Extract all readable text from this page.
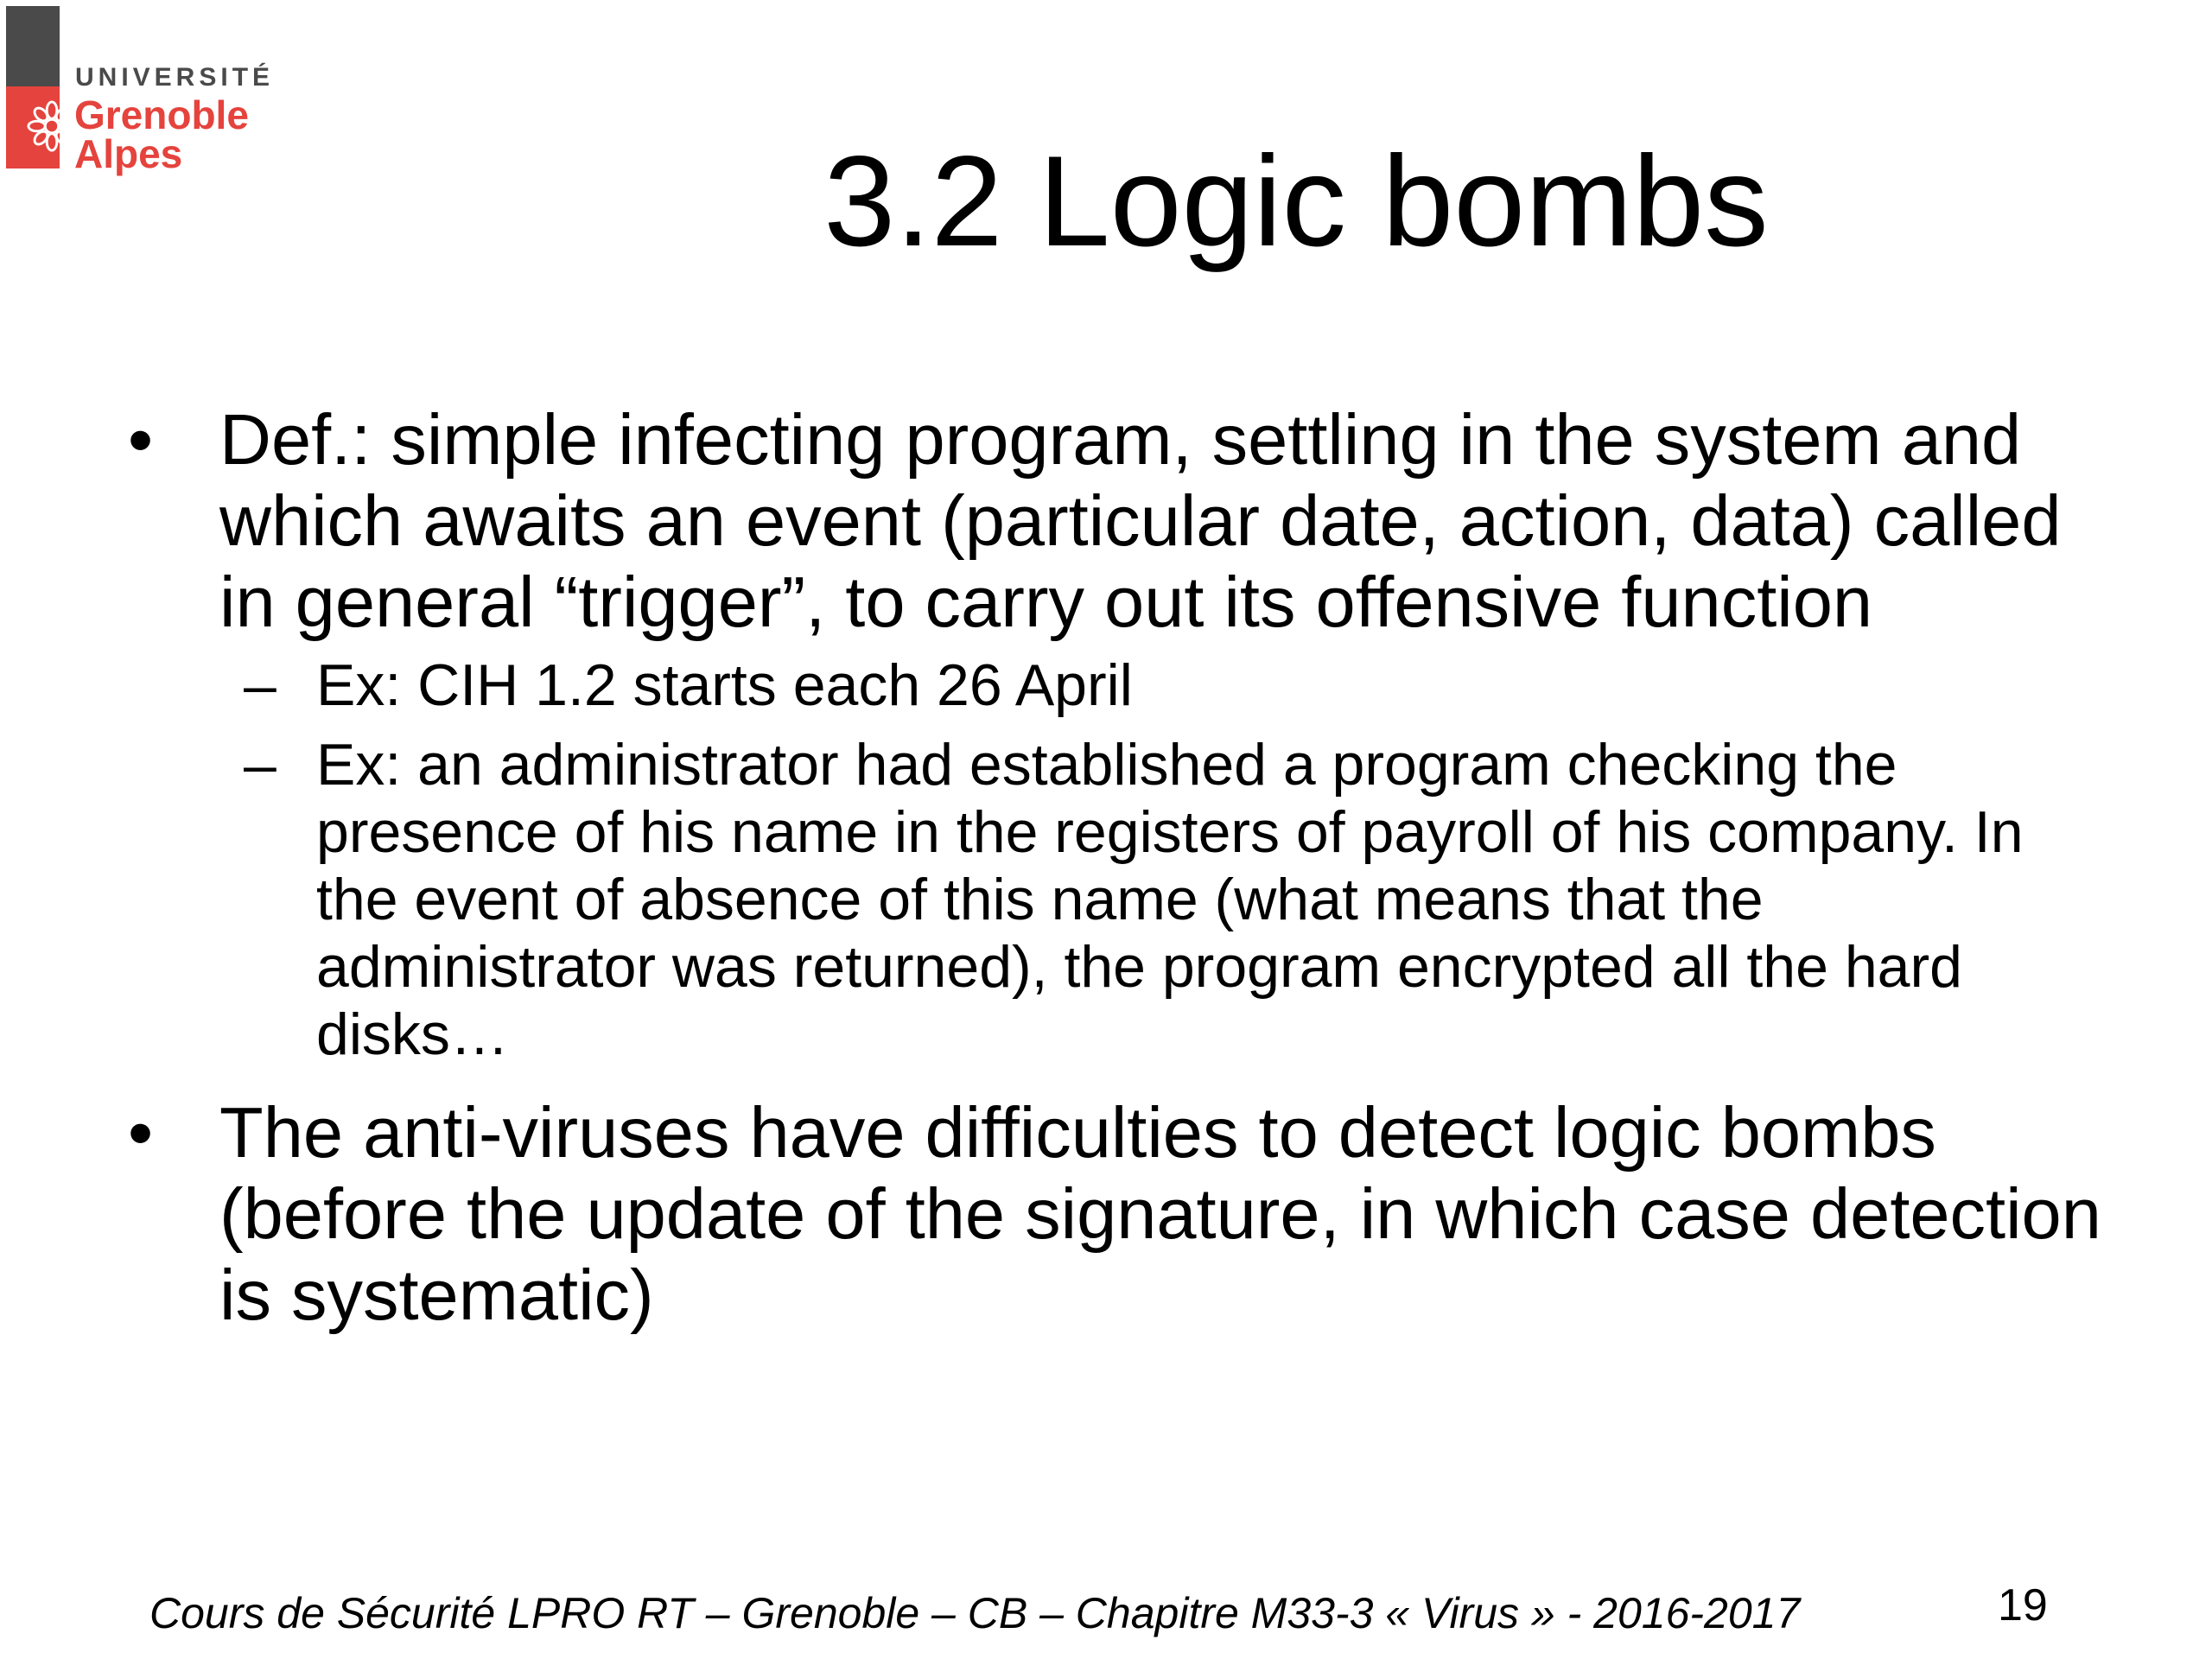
UNIVERSITÉ
Grenoble
Alpes	3.2 Logic bombs
• Def.: simple infecting program, settling in the system and which awaits an event (particular date, action, data) called in general “trigger”, to carry out its offensive function
– Ex: CIH 1.2 starts each 26 April
– Ex: an administrator had established a program checking the presence of his name in the registers of payroll of his company. In the event of absence of this name (what means that the administrator was returned), the program encrypted all the hard disks…
• The anti-viruses have difficulties to detect logic bombs (before the update of the signature, in which case detection is systematic)
Cours de Sécurité LPRO RT – Grenoble – CB – Chapitre M33-3 « Virus » - 2016-2017	19
